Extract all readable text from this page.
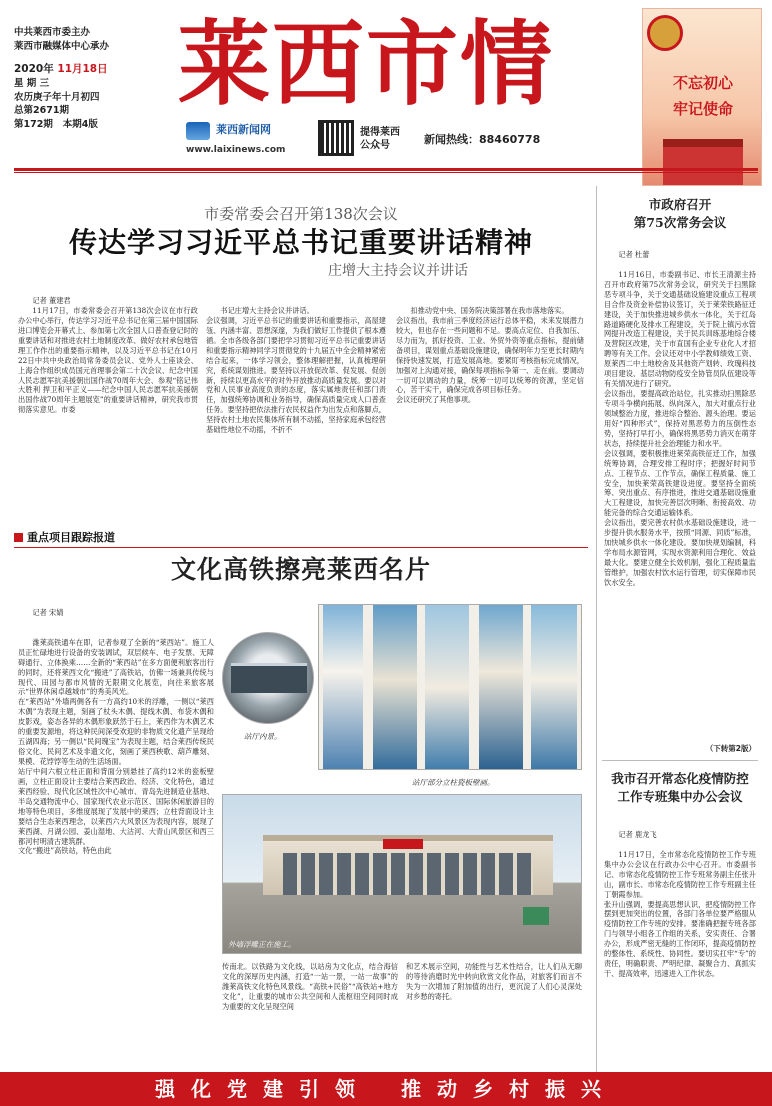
中共莱西市委主办
莱西市融媒体中心承办
2020年 11月18日
星 期 三
农历庚子年十月初四
总第2671期
第172期 本期4版
莱西市情	不忘初心
牢记使命
莱西新闻网
www.laixinews.com
提得莱西
公众号	新闻热线：88460778
市委常委会召开第138次会议
传达学习习近平总书记重要讲话精神
庄增大主持会议并讲话
记者 董建君
11月17日，市委常委会召开第138次会议在市行政办公中心举行，传达学习习近平总书记在第三届中国国际进口博览会开幕式上、参加第七次全国人口普查登记时的重要讲话和对推进农村土地制度改革、做好农村承包地管理工作作出的重要指示精神，以及习近平总书记在10月22日中共中央政治局常务委员会议、党外人士座谈会、上海合作组织成员国元首理事会第二十次会议、纪念中国人民志愿军抗美援朝出国作战70周年大会、参观“铭记伟大胜利 捍卫和平正义——纪念中国人民志愿军抗美援朝出国作战70周年主题展览”的重要讲话精神，研究我市贯彻落实意见。市委

书记庄增大主持会议并讲话。
会议强调，习近平总书记的重要讲话和重要指示，高屋建瓴、内涵丰富、思想深邃，为我们做好工作提供了根本遵循。全市各级各部门要把学习贯彻习近平总书记重要讲话和重要指示精神同学习贯彻党的十九届五中全会精神紧密结合起来，一体学习领会，整体理解把握，认真梳理研究，系统谋划推进。要坚持以开放促改革、促发展、促创新，持续以更高水平的对外开放推动高质量发展。要以对党和人民事业高度负责的态度，落实属地责任和部门责任，加强统筹协调和业务指导，确保高质量完成人口普查任务。要坚持把依法推行农民权益作为出发点和落脚点，坚持农村土地农民集体所有制不动摇，坚持家庭承包经营基础性地位不动摇，不折不

扣推动党中央、国务院决策部署在我市落地落实。
会议指出，我市前三季度经济运行总体平稳，未来发展潜力较大，但也存在一些问题和不足。要高点定位、自我加压、尽力而为，抓好投资、工业、外贸外资等重点指标，提前储备项目，谋划重点基础设施建设，确保明年力至更长时期内保持快速发展，打造发展高地。要紧盯考核指标完成情况，加强对上沟通对接，确保每项指标争第一、走在前。要调动一切可以调动的力量，统筹一切可以统筹的资源，坚定信心，苦干实干，确保完成各项目标任务。
会议还研究了其他事项。

重点项目跟踪报道
文化高铁擦亮莱西名片

记者 宋婧

潍莱高铁通车在即，记者参观了全新的“莱西站”。施工人员正忙碌地进行设备的安装调试，双层候车、电子发票、无障碍通行、立体换乘……全新的“莱西站”在多方面便利旅客出行的同时，还将莱西文化“搬进”了高铁站，仿佛一场兼具传统与现代、田园与都市风情的无限期文化展览，向往来旅客展示“世界休闲卓越城市”的秀美风光。
在“莱西站”外墙两侧各有一方高约10米的浮雕，一侧以“莱西木偶”为表现主题，刻画了杖头木偶、提线木偶、布袋木偶和皮影戏，姿态各异的木偶形象跃然于石上，莱西作为木偶艺术的重要发源地，将这种民间深受欢迎的非物质文化遗产呈现给五湖四海；另一侧以“民间瑰宝”为表现主题，结合莱西传统民俗文化、民间艺术及非遗文化，刻画了莱西秧歌、葫芦雕刻、果模、花饽饽等生动的生活场面。
站厅中间六根立柱正面和背面分别悬挂了高约12米的瓷板壁画，立柱正面设计主要结合莱西政治、经济、文化特色，通过莱西经验、现代化区域性次中心城市、青岛先进制造业基地、半岛交通物流中心、国家现代农业示范区、国际休闲旅游目的地等特色项目，多维度展现了发展中的莱西；立柱背面设计主要结合生态莱西理念，以莱西六大风景区为表现内容，展现了莱西湖、月湖公园、姜山湿地、大沽河、大青山风景区和西三都河村明清古建筑群。
文化“搬进”高铁站，特色由此

站厅内景。
站厅部分立柱瓷板壁画。
外墙浮雕正在施工。
传南北。以铁路为文化线，以站房为文化点，结合海信文化的深厚历史内涵，打造“一站一景，一站一故事”的潍莱高铁文化特色风景线。“高铁+民俗”“高铁站+地方文化”，让重要的城市公共空间和人流枢纽空间同时成为重要的文化呈现空间
和艺术展示空间，功能性与艺术性结合，让人们从无聊的等待消磨时光中转向欣赏文化作品，对旅客们而言不失为一次增加了附加值的出行，更沉淀了人们心灵深处对乡愁的寄托。
市政府召开
第75次常务会议

记者 杜蕾

11月16日，市委副书记、市长王清源主持召开市政府第75次常务会议，研究关于扫黑除恶专项斗争，关于交通基础设施建设重点工程项目合作及资金补偿协议签订，关于莱荣铁路征迁建设，关于加快推进城乡供水一体化，关于红岛路道路硬化及排水工程建设，关于院上镇污水管网提升改造工程建设，关于民兵训练基地综合楼及营院区改建，关于市直国有企业专业化人才招聘等有关工作。会议还对中小学教师绩效工资、原莱西二中土地校舍及其他资产划转、玫瑰科技项目建设、基层动物防疫安全协管员队伍建设等有关情况进行了研究。
会议指出，要提高政治站位，扎实推动扫黑除恶专项斗争横向拓展、纵向深入，加大对重点行业领域整治力度，推进综合整治、源头治理。要运用好“四种形式”，保持对黑恶势力的压倒性态势，坚持打早打小，确保将黑恶势力消灭在萌芽状态，持续提升社会治理能力和水平。
会议强调，要积极推进莱荣高铁征迁工作，加强统筹协调，合理安排工程时序；把握好时间节点、工程节点、工作节点，确保工程质量、施工安全，加快莱荣高铁建设进度。要坚持全面统筹、突出重点、有序推进，推进交通基础设施重大工程建设，加快完善层次明晰、衔接高效、功能完备的综合交通运输体系。
会议指出，要完善农村供水基础设施建设，进一步提升供水服务水平，按照“同源、同质”标准，加快城乡供水一体化建设。要加快规划编制，科学布局水源管网，实现水资源利用合理化、效益最大化。要建立健全长效机制，强化工程质量监管维护，加强农村饮水运行管理，切实保障市民饮水安全。

（下转第2版）
我市召开常态化疫情防控工作专班集中办公会议

记者 鹿龙飞

11月17日，全市常态化疫情防控工作专班集中办公会议在行政办公中心召开。市委副书记、市常态化疫情防控工作专班常务副主任张升山，副市长、市常态化疫情防控工作专班副主任丁朝霞参加。
张升山强调，要提高思想认识，把疫情防控工作摆到更加突出的位置，各部门各单位要严格服从疫情防控工作专班的安排。要准确把握专班各部门与领导小组各工作组的关系，安实责任、合署办公，形成严密无缝的工作闭环，提高疫情防控的整体性、系统性、协同性。要切实扛牢“专”的责任，明确职责、严明纪律、凝聚合力、真抓实干、提高效率，迅速进入工作状态。

强化党建引领 推动乡村振兴
